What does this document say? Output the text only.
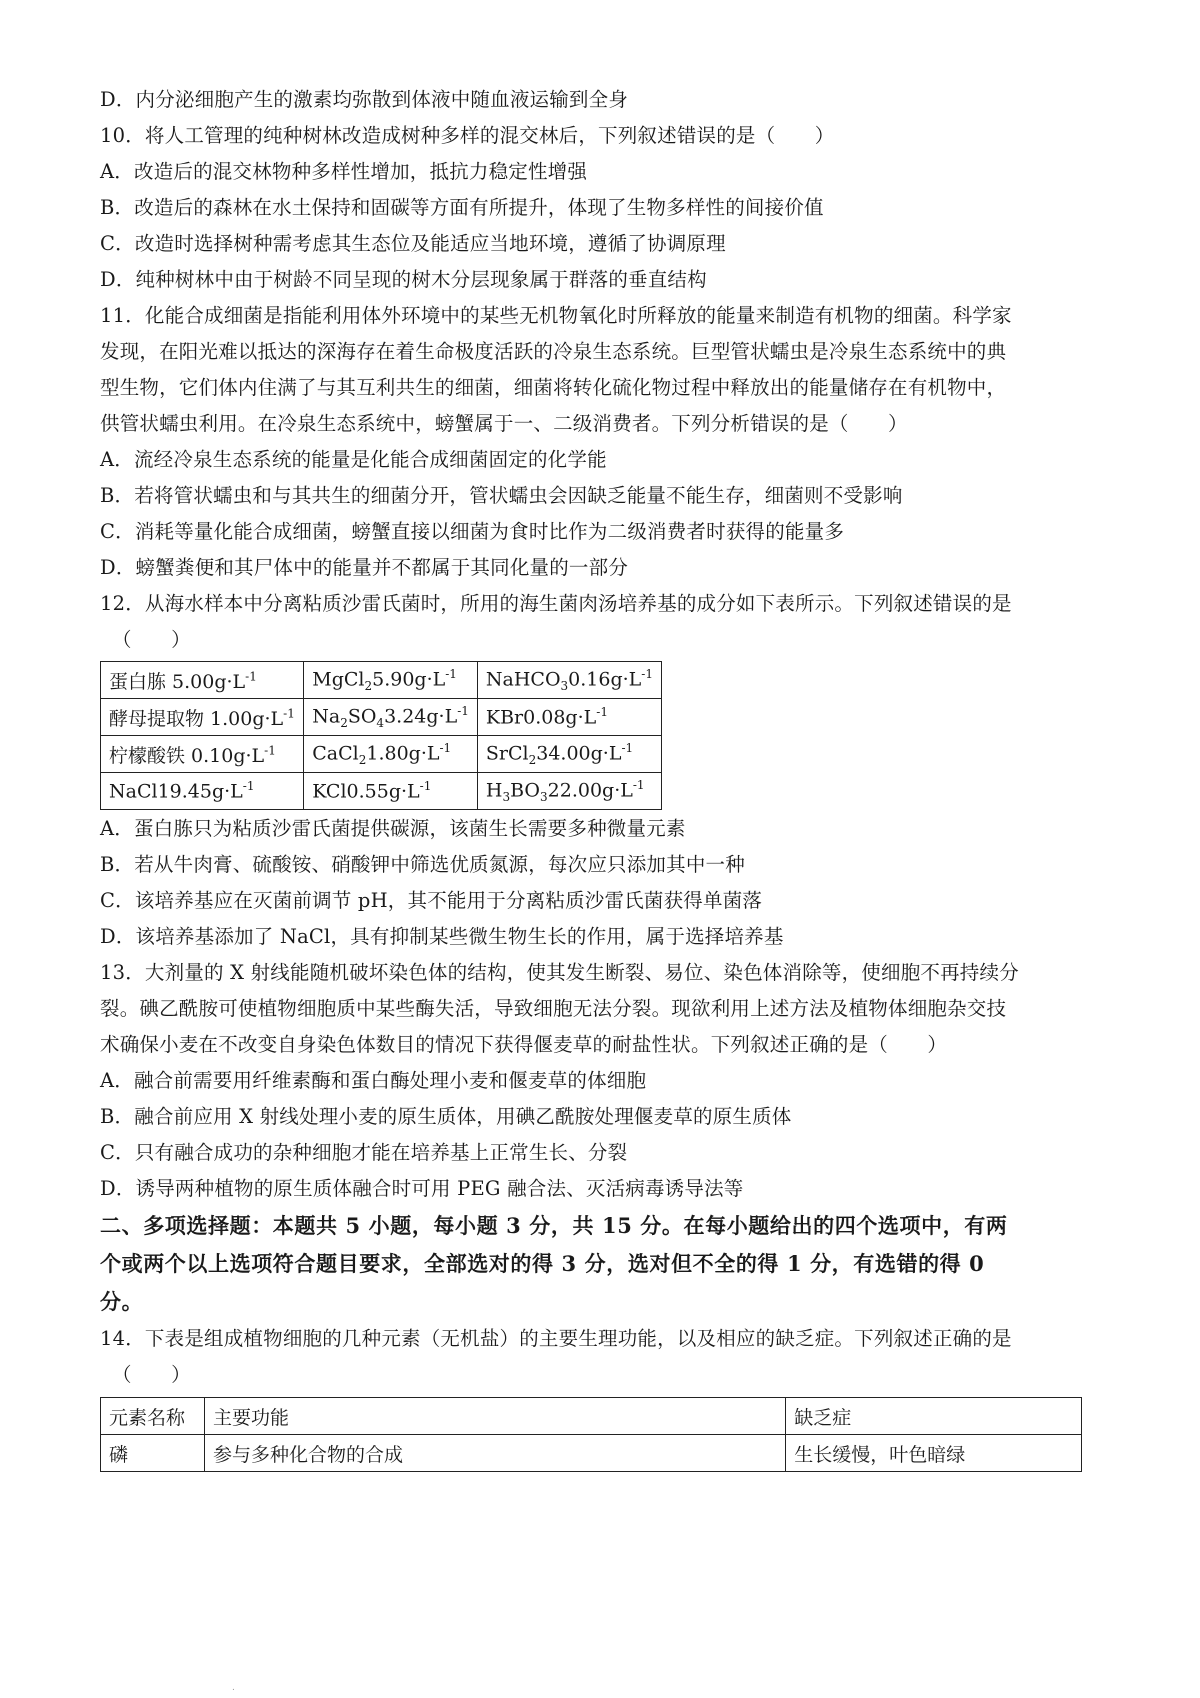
D．内分泌细胞产生的激素均弥散到体液中随血液运输到全身
10．将人工管理的纯种树林改造成树种多样的混交林后，下列叙述错误的是（　　）
A．改造后的混交林物种多样性增加，抵抗力稳定性增强
B．改造后的森林在水土保持和固碳等方面有所提升，体现了生物多样性的间接价值
C．改造时选择树种需考虑其生态位及能适应当地环境，遵循了协调原理
D．纯种树林中由于树龄不同呈现的树木分层现象属于群落的垂直结构
11．化能合成细菌是指能利用体外环境中的某些无机物氧化时所释放的能量来制造有机物的细菌。科学家
发现，在阳光难以抵达的深海存在着生命极度活跃的冷泉生态系统。巨型管状蠕虫是冷泉生态系统中的典
型生物，它们体内住满了与其互利共生的细菌，细菌将转化硫化物过程中释放出的能量储存在有机物中，
供管状蠕虫利用。在冷泉生态系统中，螃蟹属于一、二级消费者。下列分析错误的是（　　）
A．流经冷泉生态系统的能量是化能合成细菌固定的化学能
B．若将管状蠕虫和与其共生的细菌分开，管状蠕虫会因缺乏能量不能生存，细菌则不受影响
C．消耗等量化能合成细菌，螃蟹直接以细菌为食时比作为二级消费者时获得的能量多
D．螃蟹粪便和其尸体中的能量并不都属于其同化量的一部分
12．从海水样本中分离粘质沙雷氏菌时，所用的海生菌肉汤培养基的成分如下表所示。下列叙述错误的是
（　　）
蛋白胨 $5.00g\cdot L^{-1}$	$MgCl_25.90g\cdot L^{-1}$	$NaHCO_30.16g\cdot L^{-1}$
酵母提取物 $1.00g\cdot L^{-1}$	$Na_2SO_43.24g\cdot L^{-1}$	$KBr0.08g\cdot L^{-1}$
柠檬酸铁 $0.10g\cdot L^{-1}$	$CaCl_21.80g\cdot L^{-1}$	$SrCl_234.00g\cdot L^{-1}$
$NaCl19.45g\cdot L^{-1}$	$KCl0.55g\cdot L^{-1}$	$H_3BO_322.00g\cdot L^{-1}$
A．蛋白胨只为粘质沙雷氏菌提供碳源，该菌生长需要多种微量元素
B．若从牛肉膏、硫酸铵、硝酸钾中筛选优质氮源，每次应只添加其中一种
C．该培养基应在灭菌前调节 pH，其不能用于分离粘质沙雷氏菌获得单菌落
D．该培养基添加了 NaCl，具有抑制某些微生物生长的作用，属于选择培养基
13．大剂量的 X 射线能随机破坏染色体的结构，使其发生断裂、易位、染色体消除等，使细胞不再持续分
裂。碘乙酰胺可使植物细胞质中某些酶失活，导致细胞无法分裂。现欲利用上述方法及植物体细胞杂交技
术确保小麦在不改变自身染色体数目的情况下获得偃麦草的耐盐性状。下列叙述正确的是（　　）
A．融合前需要用纤维素酶和蛋白酶处理小麦和偃麦草的体细胞
B．融合前应用 X 射线处理小麦的原生质体，用碘乙酰胺处理偃麦草的原生质体
C．只有融合成功的杂种细胞才能在培养基上正常生长、分裂
D．诱导两种植物的原生质体融合时可用 PEG 融合法、灭活病毒诱导法等
二、多项选择题：本题共 5 小题，每小题 3 分，共 15 分。在每小题给出的四个选项中，有两
个或两个以上选项符合题目要求，全部选对的得 3 分，选对但不全的得 1 分，有选错的得 0
分。
14．下表是组成植物细胞的几种元素（无机盐）的主要生理功能，以及相应的缺乏症。下列叙述正确的是
（　　）
元素名称	主要功能	缺乏症
磷	参与多种化合物的合成	生长缓慢，叶色暗绿
.
